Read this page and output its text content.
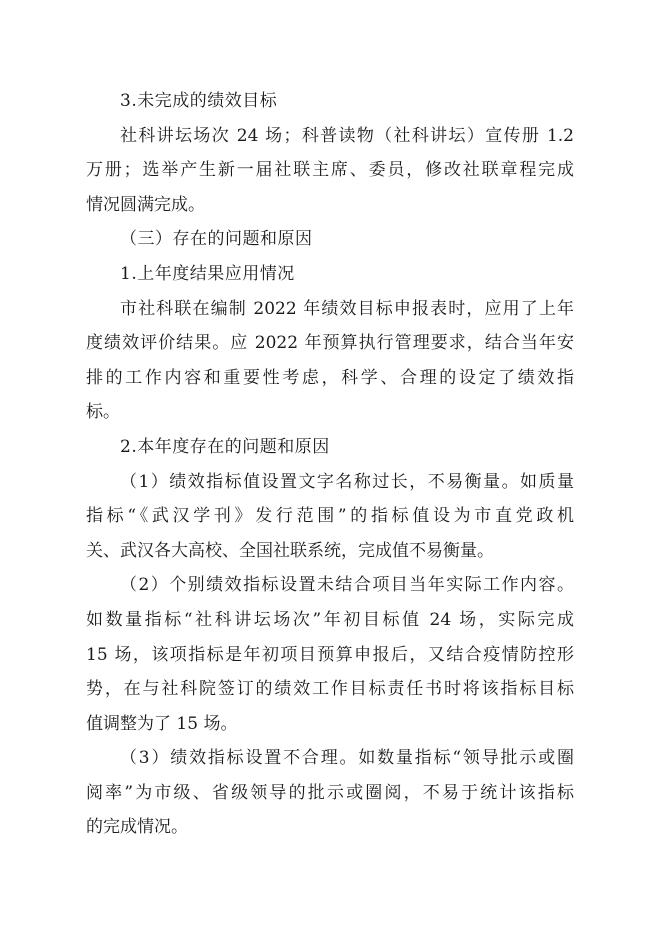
3.未完成的绩效目标
社科讲坛场次 24 场；科普读物（社科讲坛）宣传册 1.2
万册；选举产生新一届社联主席、委员，修改社联章程完成
情况圆满完成。
（三）存在的问题和原因
1.上年度结果应用情况
市社科联在编制 2022 年绩效目标申报表时，应用了上年
度绩效评价结果。应 2022 年预算执行管理要求，结合当年安
排的工作内容和重要性考虑，科学、合理的设定了绩效指
标。
2.本年度存在的问题和原因
（1）绩效指标值设置文字名称过长，不易衡量。如质量
指标“《武汉学刊》发行范围”的指标值设为市直党政机
关、武汉各大高校、全国社联系统，完成值不易衡量。
（2）个别绩效指标设置未结合项目当年实际工作内容。
如数量指标“社科讲坛场次”年初目标值 24 场，实际完成
15 场，该项指标是年初项目预算申报后，又结合疫情防控形
势，在与社科院签订的绩效工作目标责任书时将该指标目标
值调整为了 15 场。
（3）绩效指标设置不合理。如数量指标“领导批示或圈
阅率”为市级、省级领导的批示或圈阅，不易于统计该指标
的完成情况。
